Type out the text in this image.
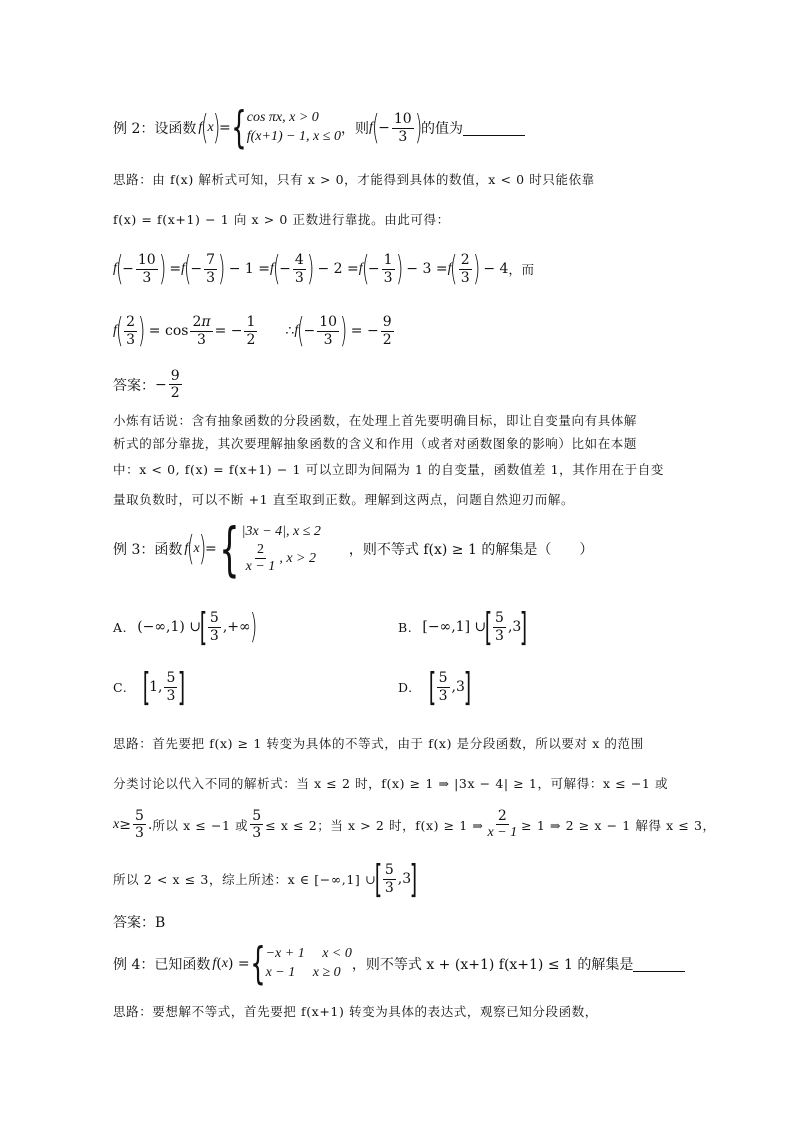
例 2：设函数 f
(
x
)
= { cos πx, x > 0
f(x+1) − 1, x ≤ 0 ，则 f
(
− $\frac{10}{3}$ )
的值为
思路：由 f(x) 解析式可知，只有 x > 0，才能得到具体的数值，x < 0 时只能依靠
f(x) = f(x+1) − 1 向 x > 0 正数进行靠拢。由此可得：
f
(
− $\frac{10}{3}$ )
= f
(
− $\frac{7}{3}$ )
− 1 = f
(
− $\frac{4}{3}$ )
− 2 = f
(
− $\frac{1}{3}$ )
− 3 = f
( $\frac{2}{3}$ )
− 4 ，而
f
( $\frac{2}{3}$ )
= $\cos \frac{2\pi}{3}$ = − $\frac{1}{2}$ ∴ f
(
− $\frac{10}{3}$ )
= − $\frac{9}{2}$
答案： − $\frac{9}{2}$
小炼有话说：含有抽象函数的分段函数，在处理上首先要明确目标，即让自变量向有具体解
析式的部分靠拢，其次要理解抽象函数的含义和作用（或者对函数图象的影响）比如在本题
中：x < 0, f(x) = f(x+1) − 1 可以立即为间隔为 1 的自变量，函数值差 1，其作用在于自变
量取负数时，可以不断 +1 直至取到正数。理解到这两点，问题自然迎刃而解。
例 3：函数 f
(
x
)
= { |3x − 4|, x ≤ 2
$\frac{2}{x - 1}$ , x > 2
，则不等式 f(x) ≥ 1 的解集是（　　）
A. (−∞,1) ∪
[ $\frac{5}{3}$ ,+∞
)	B. [−∞,1] ∪
[ $\frac{5}{3} ,3$
]
C. [
1, $\frac{5}{3}$ ]	D. [ $\frac{5}{3} ,3$
]
思路：首先要把 f(x) ≥ 1 转变为具体的不等式，由于 f(x) 是分段函数，所以要对 x 的范围
分类讨论以代入不同的解析式：当 x ≤ 2 时，f(x) ≥ 1 ⇒ |3x − 4| ≥ 1，可解得：x ≤ −1 或
$x \ge \frac{5}{3}$ . 所以 x ≤ −1 或 $\frac{5}{3} \le x \le 2$；当 x > 2 时，f(x) ≥ 1 ⇒ $\frac{2}{x - 1} \ge 1$ ⇒ 2 ≥ x − 1 解得 x ≤ 3，
所以 2 < x ≤ 3，综上所述：x ∈ [−∞,1] ∪
[ $\frac{5}{3} ,3$
]
答案：B
例 4：已知函数 f ( x ) = { −x + 1　 x < 0
x − 1　 x ≥ 0 ，则不等式 x + (x+1) f(x+1) ≤ 1 的解集是
思路：要想解不等式，首先要把 f(x+1) 转变为具体的表达式，观察已知分段函数，
